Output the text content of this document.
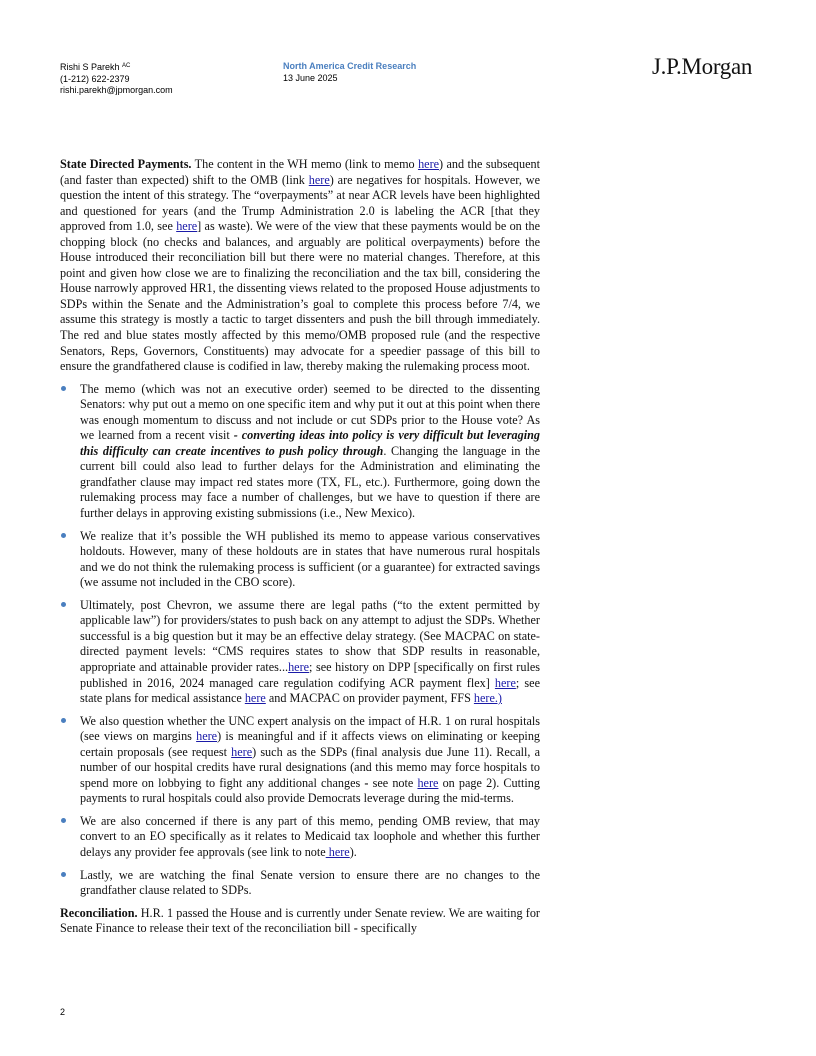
Rishi S Parekh $^{AC}$
(1-212) 622-2379
rishi.parekh@jpmorgan.com
North America Credit Research
13 June 2025	J.P.Morgan

State Directed Payments. The content in the WH memo (link to memo here) and the subsequent (and faster than expected) shift to the OMB (link here) are negatives for hospitals. However, we question the intent of this strategy. The “overpayments” at near ACR levels have been highlighted and questioned for years (and the Trump Administration 2.0 is labeling the ACR [that they approved from 1.0, see here] as waste). We were of the view that these payments would be on the chopping block (no checks and balances, and arguably are political overpayments) before the House introduced their reconciliation bill but there were no material changes. Therefore, at this point and given how close we are to finalizing the reconciliation and the tax bill, considering the House narrowly approved HR1, the dissenting views related to the proposed House adjustments to SDPs within the Senate and the Administration’s goal to complete this process before 7/4, we assume this strategy is mostly a tactic to target dissenters and push the bill through immediately. The red and blue states mostly affected by this memo/OMB proposed rule (and the respective Senators, Reps, Governors, Constituents) may advocate for a speedier passage of this bill to ensure the grandfathered clause is codified in law, thereby making the rulemaking process moot.

The memo (which was not an executive order) seemed to be directed to the dissenting Senators: why put out a memo on one specific item and why put it out at this point when there was enough momentum to discuss and not include or cut SDPs prior to the House vote? As we learned from a recent visit - converting ideas into policy is very difficult but leveraging this difficulty can create incentives to push policy through. Changing the language in the current bill could also lead to further delays for the Administration and eliminating the grandfather clause may impact red states more (TX, FL, etc.). Furthermore, going down the rulemaking process may face a number of challenges, but we have to question if there are further delays in approving existing submissions (i.e., New Mexico).
We realize that it’s possible the WH published its memo to appease various conservatives holdouts. However, many of these holdouts are in states that have numerous rural hospitals and we do not think the rulemaking process is sufficient (or a guarantee) for extracted savings (we assume not included in the CBO score).
Ultimately, post Chevron, we assume there are legal paths (“to the extent permitted by applicable law”) for providers/states to push back on any attempt to adjust the SDPs. Whether successful is a big question but it may be an effective delay strategy. (See MACPAC on state-directed payment levels: “CMS requires states to show that SDP results in reasonable, appropriate and attainable provider rates...here; see history on DPP [specifically on first rules published in 2016, 2024 managed care regulation codifying ACR payment flex] here; see state plans for medical assistance here and MACPAC on provider payment, FFS here.)
We also question whether the UNC expert analysis on the impact of H.R. 1 on rural hospitals (see views on margins here) is meaningful and if it affects views on eliminating or keeping certain proposals (see request here) such as the SDPs (final analysis due June 11). Recall, a number of our hospital credits have rural designations (and this memo may force hospitals to spend more on lobbying to fight any additional changes - see note here on page 2). Cutting payments to rural hospitals could also provide Democrats leverage during the mid-terms.
We are also concerned if there is any part of this memo, pending OMB review, that may convert to an EO specifically as it relates to Medicaid tax loophole and whether this further delays any provider fee approvals (see link to note here).
Lastly, we are watching the final Senate version to ensure there are no changes to the grandfather clause related to SDPs.

Reconciliation. H.R. 1 passed the House and is currently under Senate review. We are waiting for Senate Finance to release their text of the reconciliation bill - specifically

2
